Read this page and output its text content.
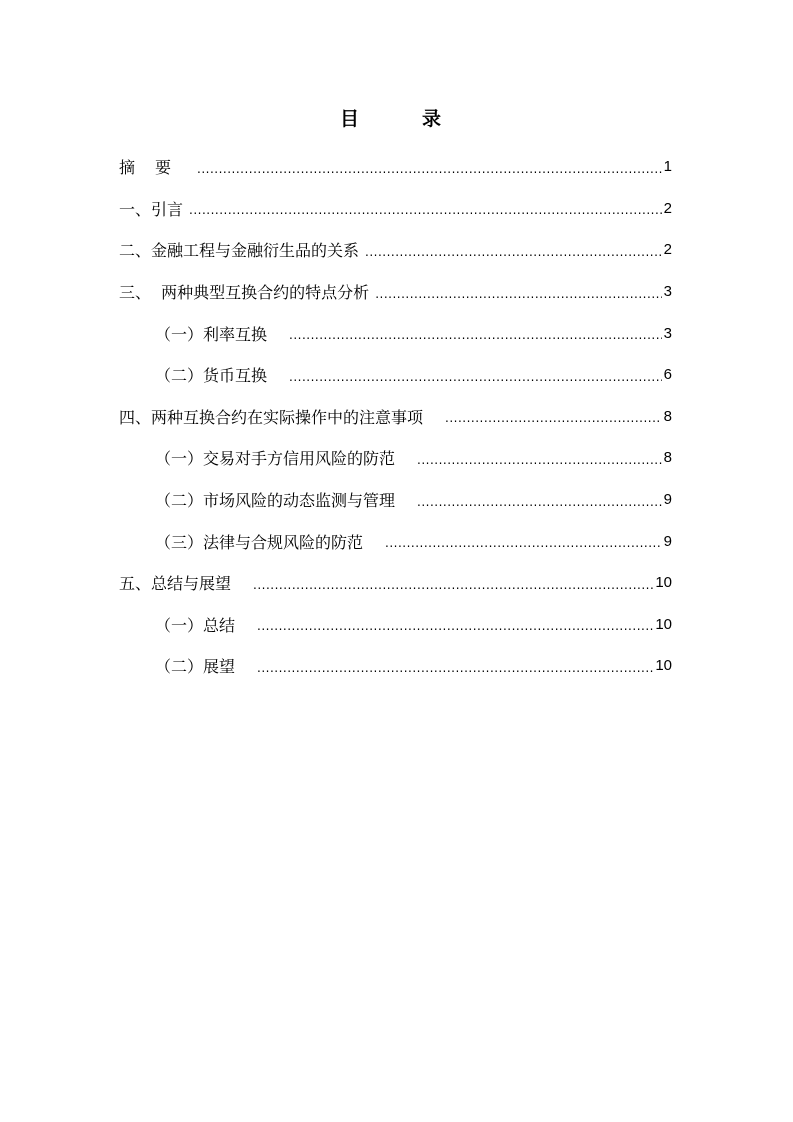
目　录
摘要 .....	1
一、引言 .....	2
二、金融工程与金融衍生品的关系 .....	2
三、  两种典型互换合约的特点分析 .....	3
（一）利率互换 .....	3
（二）货币互换 .....	6
四、两种互换合约在实际操作中的注意事项 .....	8
（一）交易对手方信用风险的防范 .....	8
（二）市场风险的动态监测与管理 .....	9
（三）法律与合规风险的防范 .....	9
五、总结与展望 .....	10
（一）总结 .....	10
（二）展望 .....	10
